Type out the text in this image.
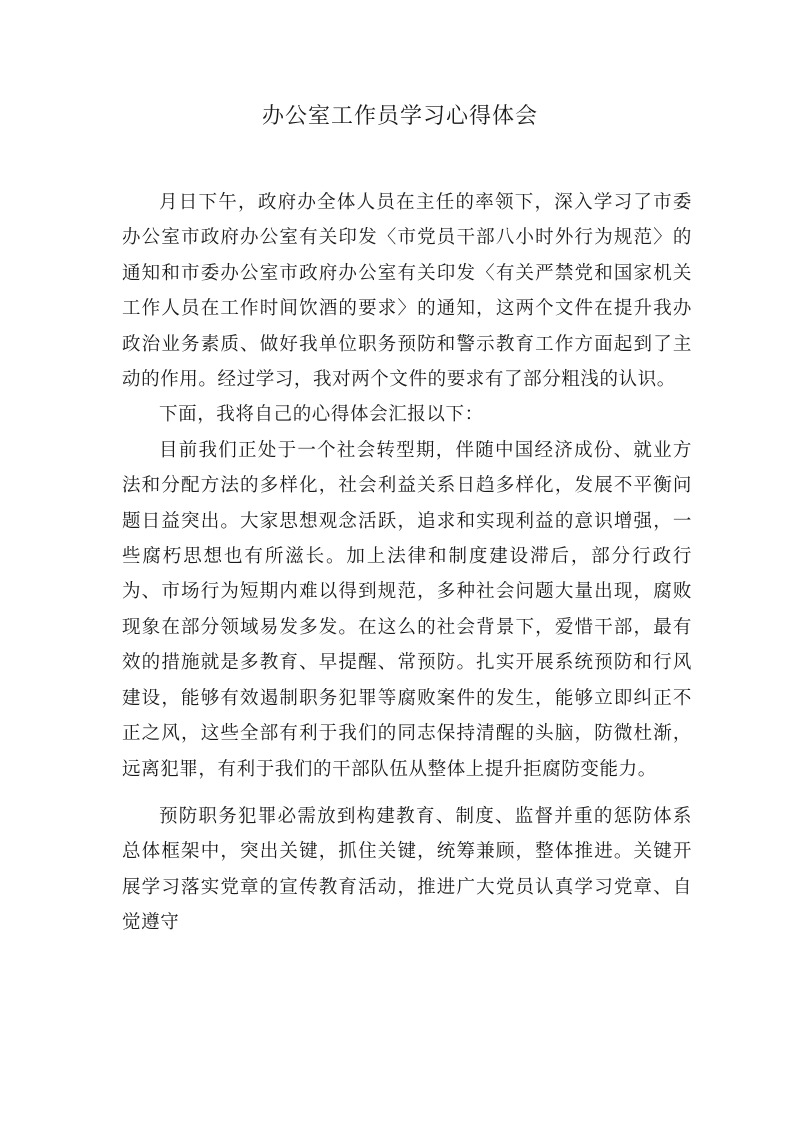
办公室工作员学习心得体会

月日下午，政府办全体人员在主任的率领下，深入学习了市委办公室市政府办公室有关印发〈市党员干部八小时外行为规范〉的通知和市委办公室市政府办公室有关印发〈有关严禁党和国家机关工作人员在工作时间饮酒的要求〉的通知，这两个文件在提升我办政治业务素质、做好我单位职务预防和警示教育工作方面起到了主动的作用。经过学习，我对两个文件的要求有了部分粗浅的认识。

下面，我将自己的心得体会汇报以下：

目前我们正处于一个社会转型期，伴随中国经济成份、就业方法和分配方法的多样化，社会利益关系日趋多样化，发展不平衡问题日益突出。大家思想观念活跃，追求和实现利益的意识增强，一些腐朽思想也有所滋长。加上法律和制度建设滞后，部分行政行为、市场行为短期内难以得到规范，多种社会问题大量出现，腐败现象在部分领域易发多发。在这么的社会背景下，爱惜干部，最有效的措施就是多教育、早提醒、常预防。扎实开展系统预防和行风建设，能够有效遏制职务犯罪等腐败案件的发生，能够立即纠正不正之风，这些全部有利于我们的同志保持清醒的头脑，防微杜渐，远离犯罪，有利于我们的干部队伍从整体上提升拒腐防变能力。

预防职务犯罪必需放到构建教育、制度、监督并重的惩防体系总体框架中，突出关键，抓住关键，统筹兼顾，整体推进。关键开展学习落实党章的宣传教育活动，推进广大党员认真学习党章、自觉遵守
